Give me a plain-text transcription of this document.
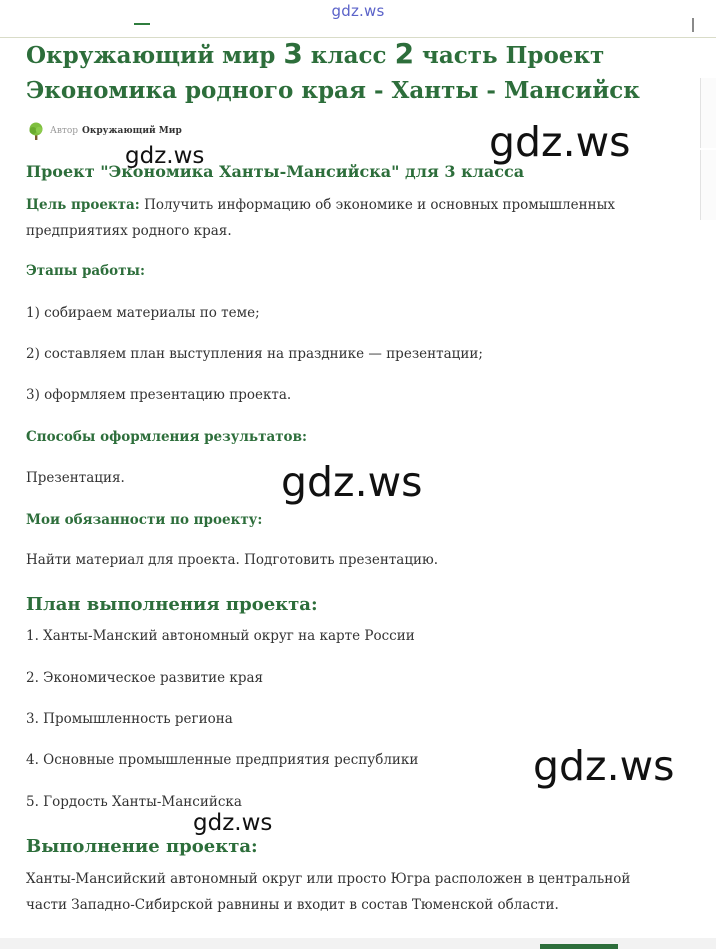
gdz.ws
Окружающий мир 3 класс 2 часть Проект
Экономика родного края - Ханты - Мансийск
Автор Окружающий Мир
Проект "Экономика Ханты-Мансийска" для 3 класса

Цель проекта: Получить информацию об экономике и основных промышленных предприятиях родного края.

Этапы работы:

1) собираем материалы по теме;

2) составляем план выступления на празднике — презентации;

3) оформляем презентацию проекта.

Способы оформления результатов:

Презентация.

Мои обязанности по проекту:

Найти материал для проекта. Подготовить презентацию.

План выполнения проекта:

1. Ханты-Манский автономный округ на карте России

2. Экономическое развитие края

3. Промышленность региона

4. Основные промышленные предприятия республики

5. Гордость Ханты-Мансийска

Выполнение проекта:

Ханты-Мансийский автономный округ или просто Югра расположен в центральной части Западно-Сибирской равнины и входит в состав Тюменской области.

gdz.ws
gdz.ws
gdz.ws
gdz.ws
gdz.ws
